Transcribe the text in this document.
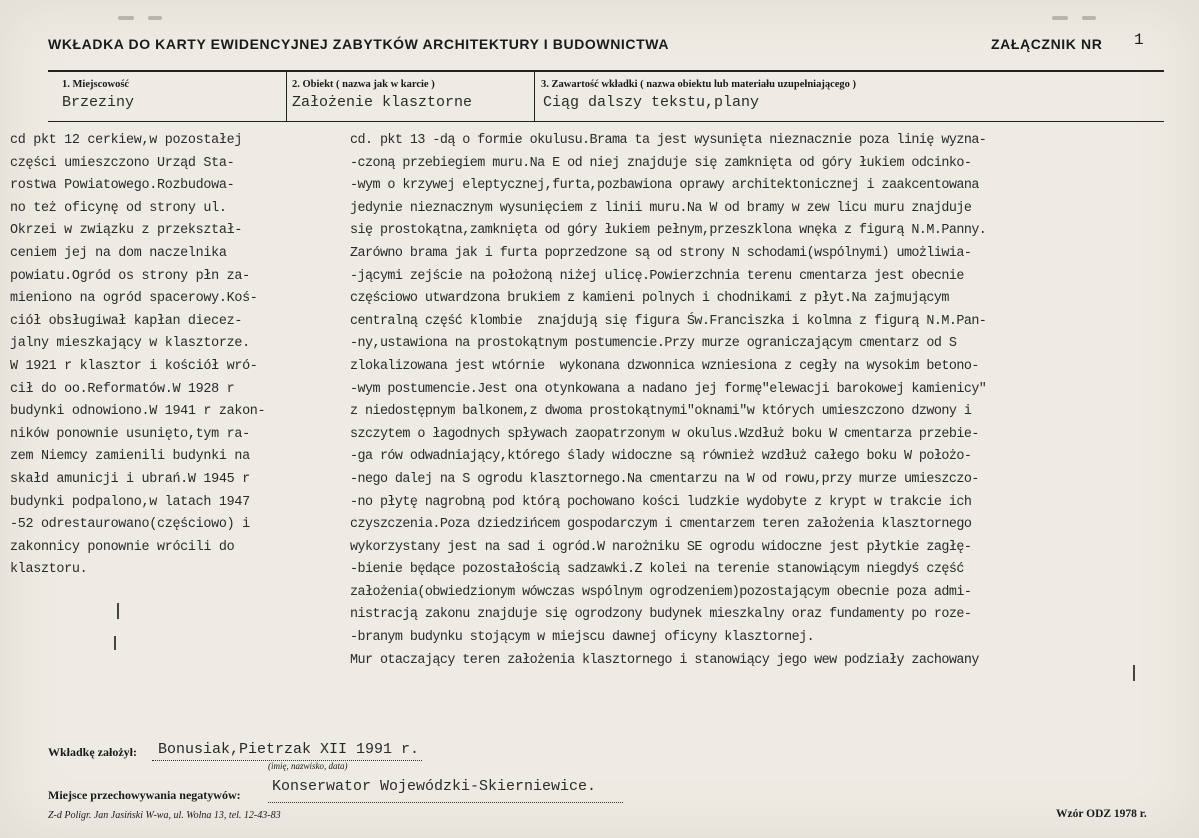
WKŁADKA DO KARTY EWIDENCYJNEJ ZABYTKÓW ARCHITEKTURY I BUDOWNICTWA	ZAŁĄCZNIK NR 1
1. Miejscowość
Brzeziny
2. Obiekt ( nazwa jak w karcie )
Założenie klasztorne
3. Zawartość wkładki ( nazwa obiektu lub materiału uzupełniającego )
Ciąg dalszy tekstu,plany
cd pkt 12 cerkiew,w pozostałej
części umieszczono Urząd Sta-
rostwa Powiatowego.Rozbudowa-
no też oficynę od strony ul.
Okrzei w związku z przekształ-
ceniem jej na dom naczelnika
powiatu.Ogród os strony płn za-
mieniono na ogród spacerowy.Koś-
ciół obsługiwał kapłan diecez-
jalny mieszkający w klasztorze.
W 1921 r klasztor i kościół wró-
cił do oo.Reformatów.W 1928 r
budynki odnowiono.W 1941 r zakon-
ników ponownie usunięto,tym ra-
zem Niemcy zamienili budynki na
skałd amunicji i ubrań.W 1945 r
budynki podpalono,w latach 1947
-52 odrestaurowano(częściowo) i
zakonnicy ponownie wrócili do
klasztoru.
cd. pkt 13 -dą o formie okulusu.Brama ta jest wysunięta nieznacznie poza linię wyzna-
-czoną przebiegiem muru.Na E od niej znajduje się zamknięta od góry łukiem odcinko-
-wym o krzywej eleptycznej,furta,pozbawiona oprawy architektonicznej i zaakcentowana
jedynie nieznacznym wysunięciem z linii muru.Na W od bramy w zew licu muru znajduje
się prostokątna,zamknięta od góry łukiem pełnym,przeszklona wnęka z figurą N.M.Panny.
Zarówno brama jak i furta poprzedzone są od strony N schodami(wspólnymi) umożliwia-
-jącymi zejście na położoną niżej ulicę.Powierzchnia terenu cmentarza jest obecnie
częściowo utwardzona brukiem z kamieni polnych i chodnikami z płyt.Na zajmującym
centralną część klombie  znajdują się figura Św.Franciszka i kolmna z figurą N.M.Pan-
-ny,ustawiona na prostokątnym postumencie.Przy murze ograniczającym cmentarz od S
zlokalizowana jest wtórnie  wykonana dzwonnica wzniesiona z cegły na wysokim betono-
-wym postumencie.Jest ona otynkowana a nadano jej formę"elewacji barokowej kamienicy"
z niedostępnym balkonem,z dwoma prostokątnymi"oknami"w których umieszczono dzwony i
szczytem o łagodnych spływach zaopatrzonym w okulus.Wzdłuż boku W cmentarza przebie-
-ga rów odwadniający,którego ślady widoczne są również wzdłuż całego boku W położo-
-nego dalej na S ogrodu klasztornego.Na cmentarzu na W od rowu,przy murze umieszczo-
-no płytę nagrobną pod którą pochowano kości ludzkie wydobyte z krypt w trakcie ich
czyszczenia.Poza dziedzińcem gospodarczym i cmentarzem teren założenia klasztornego
wykorzystany jest na sad i ogród.W narożniku SE ogrodu widoczne jest płytkie zagłę-
-bienie będące pozostałością sadzawki.Z kolei na terenie stanowiącym niegdyś część
założenia(obwiedzionym wówczas wspólnym ogrodzeniem)pozostającym obecnie poza admi-
nistracją zakonu znajduje się ogrodzony budynek mieszkalny oraz fundamenty po roze-
-branym budynku stojącym w miejscu dawnej oficyny klasztornej.
Mur otaczający teren założenia klasztornego i stanowiący jego wew podziały zachowany
Wkładkę założył: Bonusiak,Pietrzak XII 1991 r.
(imię, nazwisko, data)
Miejsce przechowywania negatywów: Konserwator Wojewódzki-Skierniewice.
Z-d Poligr. Jan Jasiński W-wa, ul. Wolna 13, tel. 12-43-83	Wzór ODZ 1978 r.
